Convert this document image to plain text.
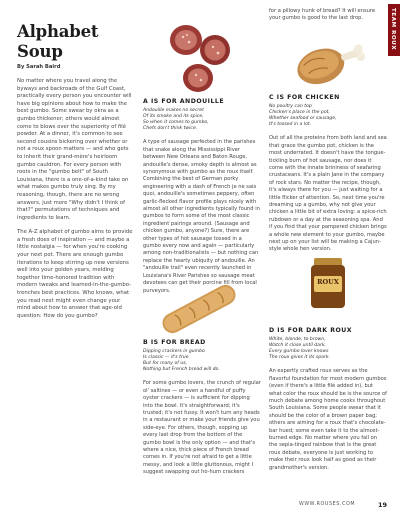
TEAM ROUX
Alphabet Soup
By Sarah Baird

No matter where you travel along the byways and backroads of the Gulf Coast, practically every person you encounter will have big opinions about how to make the best gumbo. Some swear by okra as a gumbo thickener; others would almost come to blows over the superiority of filé powder. At a dinner, it's common to see second cousins bickering over whether or not a roux spoon matters — and who gets to inherit their grand-mère's heirloom gumbo cauldron. For every person with roots in the "gumbo belt" of South Louisiana, there is a one-of-a-kind take on what makes gumbo truly sing. By my reasoning, though, there are no wrong answers, just more "Why didn't I think of that?" permutations of techniques and ingredients to learn.

The A-Z alphabet of gumbo aims to provide a fresh does of inspiration — and maybe a little nostalgia — for when you're cooking your next pot. There are enough gumbo iterations to keep stirring up new versions well into your golden years, melding together time-honored tradition with modern tweaks and learned-in-the-gumbo-trenches best practices. Who knows, what you read next might even change your mind about how to answer that age-old question: How do you gumbo?

A IS FOR ANDOUILLE
Andouille makes no secret
Of its smoke and its spice,
So when it comes to gumbo,
Chefs don't think twice.

A type of sausage perfected in the parishes that snake along the Mississippi River between New Orleans and Baton Rouge, andouille's dense, smoky depth is almost as synonymous with gumbo as the roux itself. Combining the best of German porky engineering with a dash of French je ne sais quoi, andouille's sometimes peppery, often garlic-flecked flavor profile plays nicely with almost all other ingredients typically found in gumbos to form some of the most classic ingredient pairings around. (Sausage and chicken gumbo, anyone?) Sure, there are other types of hot sausage tossed in a gumbo every now and again — particularly among non-traditionalists — but nothing can replace the hearty ubiquity of andouille. An "andouille trail" even recently launched in Louisiana's River Parishes so sausage meat devotees can get their porcine fill from local purveyors.

B IS FOR BREAD
Dipping crackers in gumbo
Is classic — it's true
But for many of us,
Nothing but French bread will do.

For some gumbo lovers, the crunch of regular ol' saltines — or even a handful of puffy oyster crackers — is sufficient for dipping into the bowl. It's straightforward; it's trusted; it's not fussy. It won't turn any heads in a restaurant or make your friends give you side-eye. For others, though, sopping up every last drop from the bottom of the gumbo bowl is the only option — and that's where a nice, thick piece of French bread comes in. If you're not afraid to get a little messy, and look a little gluttonous, might I suggest swapping out ho-hum crackers

for a pillowy hunk of bread? It will ensure your gumbo is good to the last drop.

C IS FOR CHICKEN
No poultry can top
Chicken's place in the pot,
Whether seafood or sausage,
It's tossed in a lot.

Out of all the proteins from both land and sea that grace the gumbo pot, chicken is the most underrated. It doesn't have the tongue-tickling burn of hot sausage, nor does it come with the innate brininess of seafaring crustaceans. It's a plain Jane in the company of rock stars. No matter the recipe, though, it's always there for you — just waiting for a little flicker of attention. So, next time you're dreaming up a gumbo, why not give your chicken a little bit of extra loving: a spice-rich rubdown or a day at the seasoning spa. And if you find that your pampered chicken brings a whole new element to your gumbo, maybe next up on your list will be making a Cajun-style whole hen version.

ROUX
D IS FOR DARK ROUX
White, blonde, to brown,
Watch it close until dark,
Every gumbo lover knows
The roux gives it its spark.

An expertly crafted roux serves as the flavorful foundation for most modern gumbos (even if there's a little filé added in), but what color the roux should be is the source of much debate among home cooks throughout South Louisiana. Some people swear that it should be the color of a brown paper bag; others are aiming for a roux that's chocolate-bar hued; some even take it to the almost-burned edge. No matter where you fall on the sepia-tinged rainbow that is the great roux debate, everyone is just working to make their roux look half as good as their grandmother's version.

WWW.ROUSES.COM	19
